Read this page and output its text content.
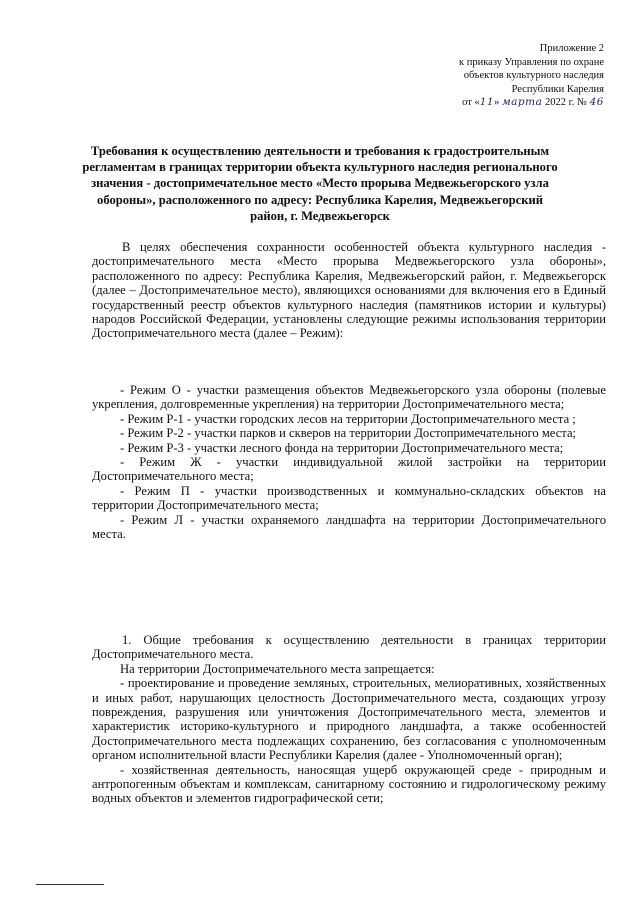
Приложение 2
к приказу Управления по охране
объектов культурного наследия
Республики Карелия
от «11» марта 2022 г. № 46
Требования к осуществлению деятельности и требования к градостроительным регламентам в границах территории объекта культурного наследия регионального значения - достопримечательное место «Место прорыва Медвежьегорского узла обороны», расположенного по адресу: Республика Карелия, Медвежьегорский район, г. Медвежьегорск

В целях обеспечения сохранности особенностей объекта культурного наследия - достопримечательного места «Место прорыва Медвежьегорского узла обороны», расположенного по адресу: Республика Карелия, Медвежьегорский район, г. Медвежьегорск (далее – Достопримечательное место), являющихся основаниями для включения его в Единый государственный реестр объектов культурного наследия (памятников истории и культуры) народов Российской Федерации, установлены следующие режимы использования территории Достопримечательного места (далее – Режим):

- Режим О - участки размещения объектов Медвежьегорского узла обороны (полевые укрепления, долговременные укрепления) на территории Достопримечательного места;

- Режим Р-1 - участки городских лесов на территории Достопримечательного места ;

- Режим Р-2 - участки парков и скверов на территории Достопримечательного места;

- Режим Р-3 - участки лесного фонда на территории Достопримечательного места;

- Режим Ж - участки индивидуальной жилой застройки на территории Достопримечательного места;

- Режим П - участки производственных и коммунально-складских объектов на территории Достопримечательного места;

- Режим Л - участки охраняемого ландшафта на территории Достопримечательного места.

1. Общие требования к осуществлению деятельности в границах территории Достопримечательного места.

На территории Достопримечательного места запрещается:

- проектирование и проведение земляных, строительных, мелиоративных, хозяйственных и иных работ, нарушающих целостность Достопримечательного места, создающих угрозу повреждения, разрушения или уничтожения Достопримечательного места, элементов и характеристик историко-культурного и природного ландшафта, а также особенностей Достопримечательного места подлежащих сохранению, без согласования с уполномоченным органом исполнительной власти Республики Карелия (далее - Уполномоченный орган);

- хозяйственная деятельность, наносящая ущерб окружающей среде - природным и антропогенным объектам и комплексам, санитарному состоянию и гидрологическому режиму водных объектов и элементов гидрографической сети;
